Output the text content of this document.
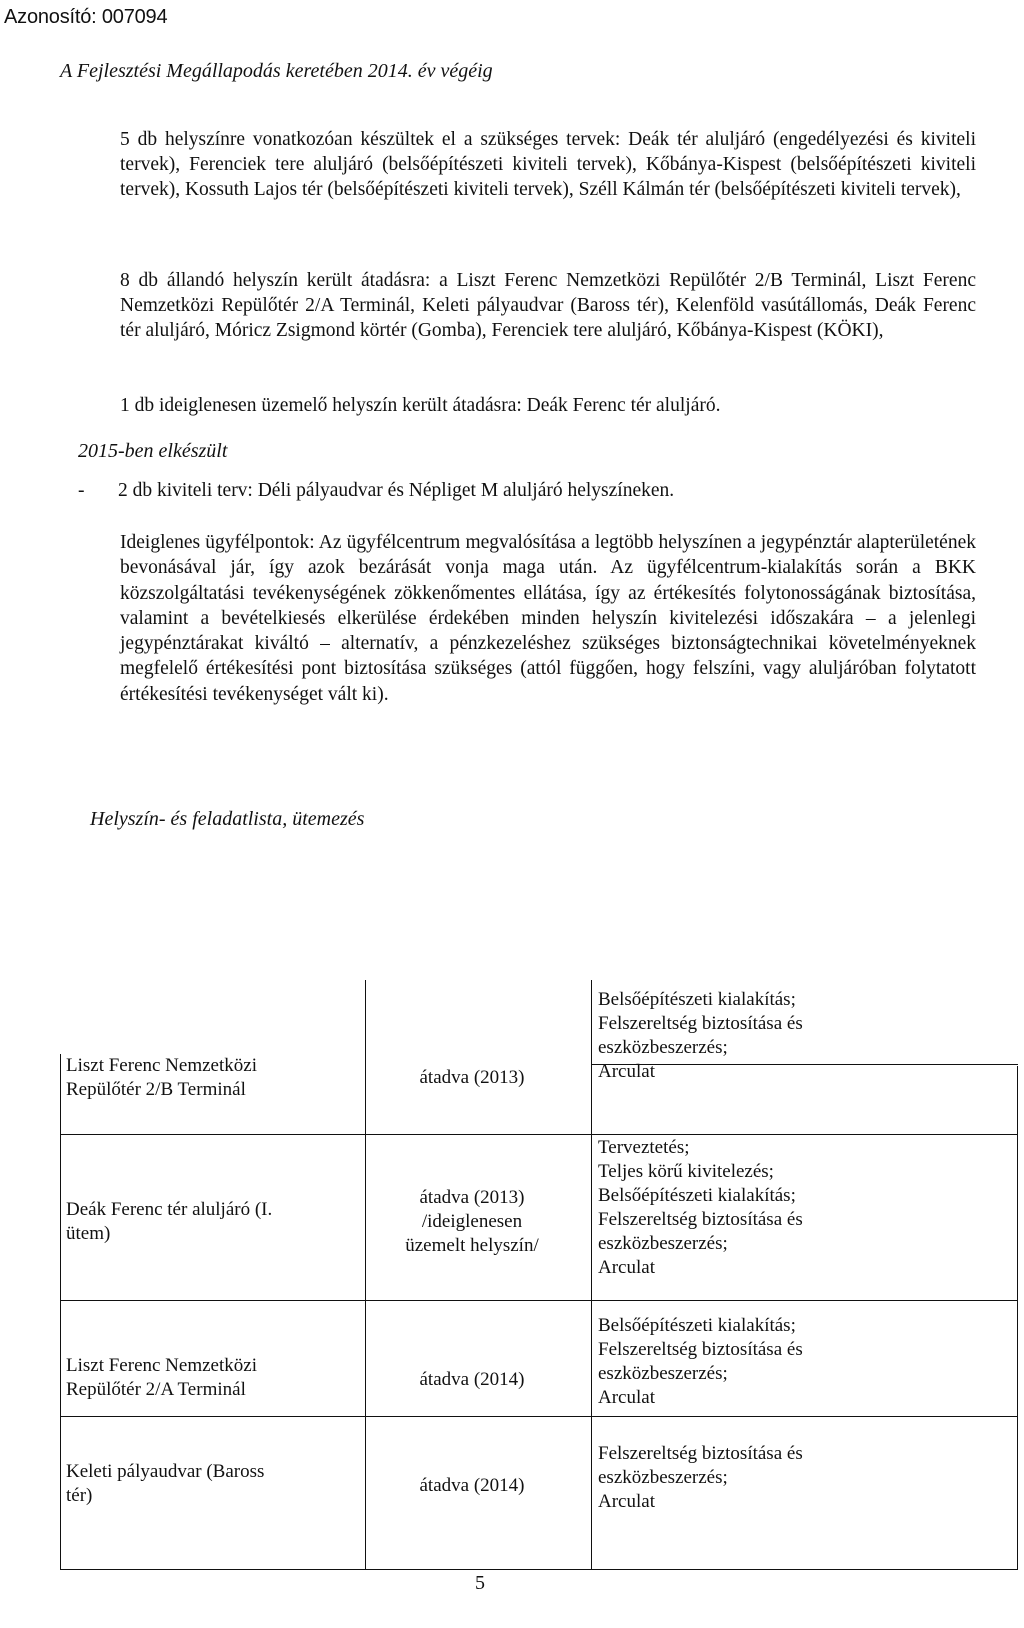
Azonosító: 007094
A Fejlesztési Megállapodás keretében 2014. év végéig

5 db helyszínre vonatkozóan készültek el a szükséges tervek: Deák tér aluljáró (engedélyezési és kiviteli tervek), Ferenciek tere aluljáró (belsőépítészeti kiviteli tervek), Kőbánya-Kispest (belsőépítészeti kiviteli tervek), Kossuth Lajos tér (belsőépítészeti kiviteli tervek), Széll Kálmán tér (belsőépítészeti kiviteli tervek),

8 db állandó helyszín került átadásra: a Liszt Ferenc Nemzetközi Repülőtér 2/B Terminál, Liszt Ferenc Nemzetközi Repülőtér 2/A Terminál, Keleti pályaudvar (Baross tér), Kelenföld vasútállomás, Deák Ferenc tér aluljáró, Móricz Zsigmond körtér (Gomba), Ferenciek tere aluljáró, Kőbánya-Kispest (KÖKI),

1 db ideiglenesen üzemelő helyszín került átadásra: Deák Ferenc tér aluljáró.

2015-ben elkészült
- 2 db kiviteli terv: Déli pályaudvar és Népliget M aluljáró helyszíneken.

Ideiglenes ügyfélpontok: Az ügyfélcentrum megvalósítása a legtöbb helyszínen a jegypénztár alapterületének bevonásával jár, így azok bezárását vonja maga után. Az ügyfélcentrum-kialakítás során a BKK közszolgáltatási tevékenységének zökkenőmentes ellátása, így az értékesítés folytonosságának biztosítása, valamint a bevételkiesés elkerülése érdekében minden helyszín kivitelezési időszakára – a jelenlegi jegypénztárakat kiváltó – alternatív, a pénzkezeléshez szükséges biztonságtechnikai követelményeknek megfelelő értékesítési pont biztosítása szükséges (attól függően, hogy felszíni, vagy aluljáróban folytatott értékesítési tevékenységet vált ki).

Helyszín- és feladatlista, ütemezés
Liszt Ferenc Nemzetközi
Repülőtér 2/B Terminál
átadva (2013)
Belsőépítészeti kialakítás;
Felszereltség biztosítása és
eszközbeszerzés;
Arculat
Deák Ferenc tér aluljáró (I.
ütem)
átadva (2013)
/ideiglenesen
üzemelt helyszín/
Terveztetés;
Teljes körű kivitelezés;
Belsőépítészeti kialakítás;
Felszereltség biztosítása és
eszközbeszerzés;
Arculat
Liszt Ferenc Nemzetközi
Repülőtér 2/A Terminál	átadva (2014)
Belsőépítészeti kialakítás;
Felszereltség biztosítása és
eszközbeszerzés;
Arculat
Keleti pályaudvar (Baross
tér)	átadva (2014)
Felszereltség biztosítása és
eszközbeszerzés;
Arculat
5
